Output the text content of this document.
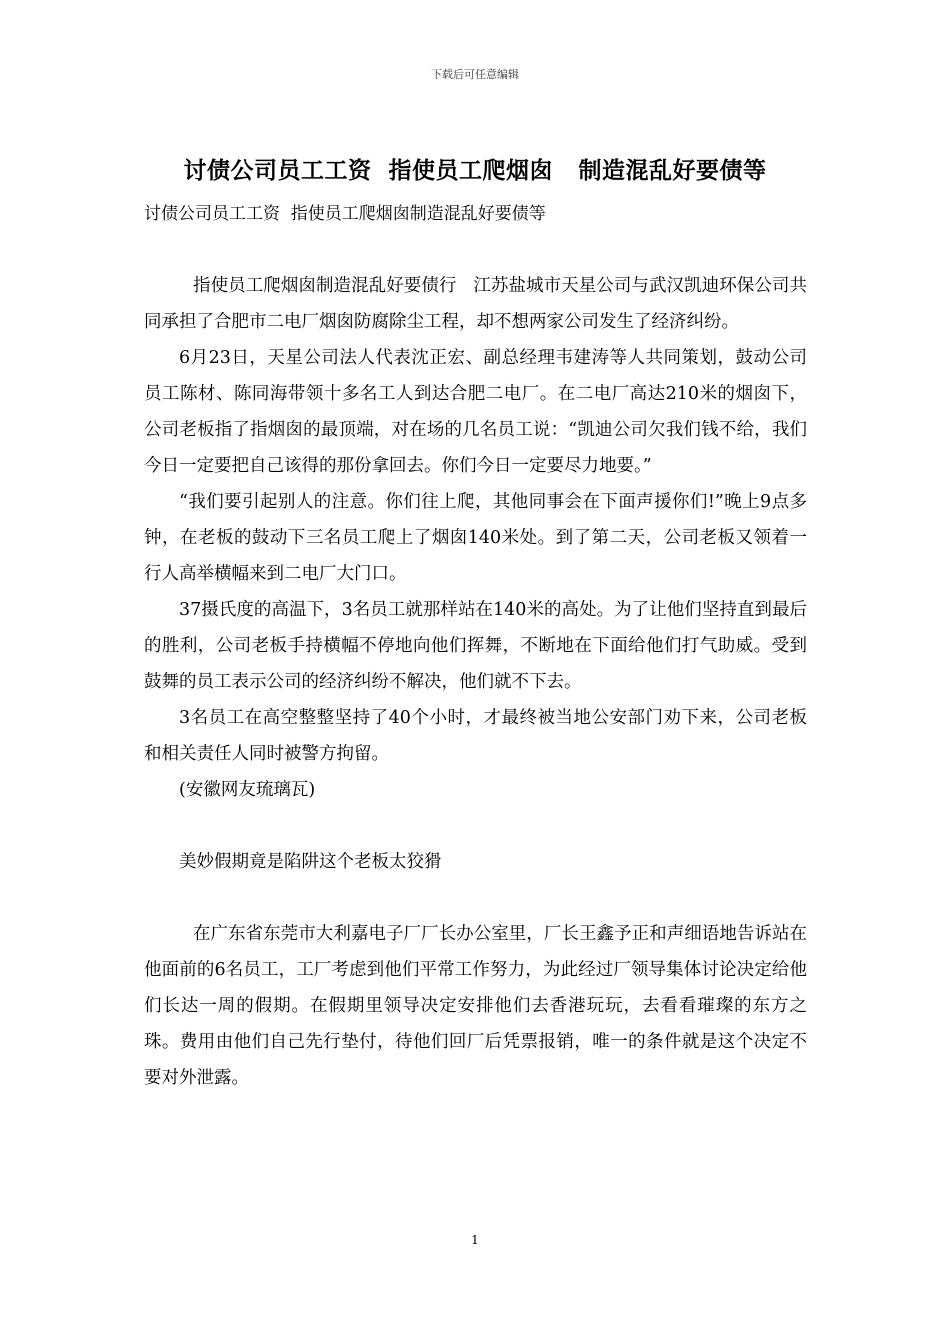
下载后可任意编辑
讨债公司员工工资  指使员工爬烟囱   制造混乱好要债等
讨债公司员工工资  指使员工爬烟囱制造混乱好要债等

指使员工爬烟囱制造混乱好要债行   江苏盐城市天星公司与武汉凯迪环保公司共同承担了合肥市二电厂烟囱防腐除尘工程，却不想两家公司发生了经济纠纷。

6月23日，天星公司法人代表沈正宏、副总经理韦建涛等人共同策划，鼓动公司员工陈材、陈同海带领十多名工人到达合肥二电厂。在二电厂高达210米的烟囱下，公司老板指了指烟囱的最顶端，对在场的几名员工说：“凯迪公司欠我们钱不给，我们今日一定要把自己该得的那份拿回去。你们今日一定要尽力地要。”

“我们要引起别人的注意。你们往上爬，其他同事会在下面声援你们!”晚上9点多钟，在老板的鼓动下三名员工爬上了烟囱140米处。到了第二天，公司老板又领着一行人高举横幅来到二电厂大门口。

37摄氏度的高温下，3名员工就那样站在140米的高处。为了让他们坚持直到最后的胜利，公司老板手持横幅不停地向他们挥舞，不断地在下面给他们打气助威。受到鼓舞的员工表示公司的经济纠纷不解决，他们就不下去。

3名员工在高空整整坚持了40个小时，才最终被当地公安部门劝下来，公司老板和相关责任人同时被警方拘留。

(安徽网友琉璃瓦)

美妙假期竟是陷阱这个老板太狡猾

在广东省东莞市大利嘉电子厂厂长办公室里，厂长王鑫予正和声细语地告诉站在他面前的6名员工，工厂考虑到他们平常工作努力，为此经过厂领导集体讨论决定给他们长达一周的假期。在假期里领导决定安排他们去香港玩玩，去看看璀璨的东方之珠。费用由他们自己先行垫付，待他们回厂后凭票报销，唯一的条件就是这个决定不要对外泄露。

1
